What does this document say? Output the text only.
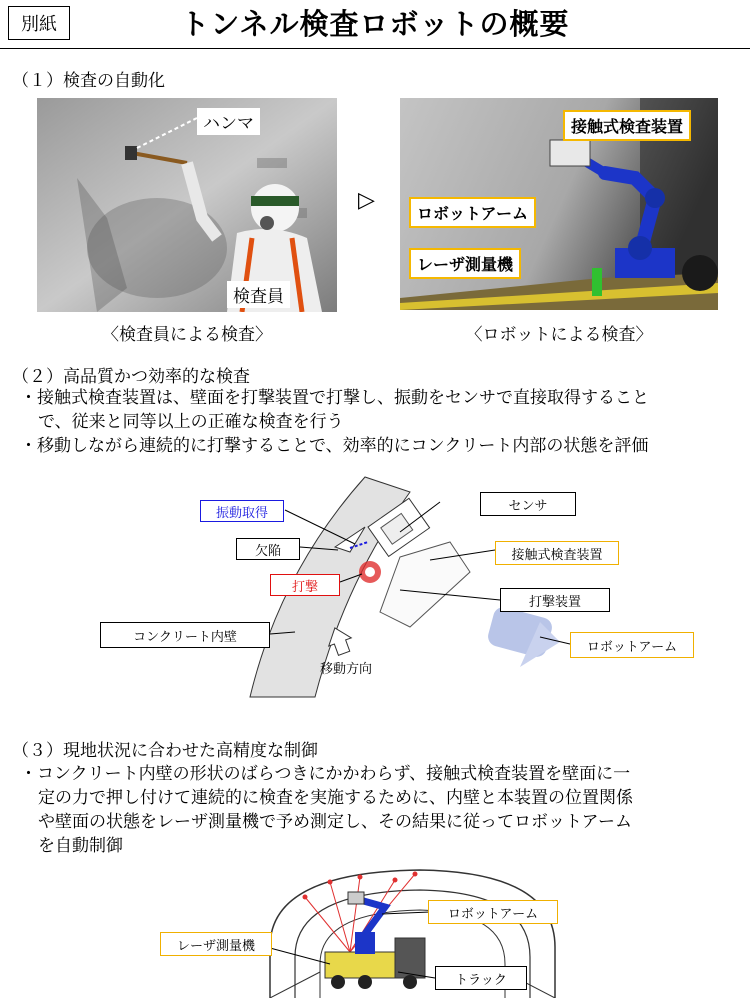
別紙	トンネル検査ロボットの概要
（１）検査の自動化
ハンマ
検査員
〈検査員による検査〉
▷
接触式検査装置
ロボットアーム
レーザ測量機
〈ロボットによる検査〉
（２）高品質かつ効率的な検査
・接触式検査装置は、壁面を打撃装置で打撃し、振動をセンサで直接取得すること
で、従来と同等以上の正確な検査を行う
・移動しながら連続的に打撃することで、効率的にコンクリート内部の状態を評価
振動取得	センサ
欠陥	接触式検査装置
打撃
打撃装置
コンクリート内壁
ロボットアーム
移動方向
（３）現地状況に合わせた高精度な制御
・コンクリート内壁の形状のばらつきにかかわらず、接触式検査装置を壁面に一
定の力で押し付けて連続的に検査を実施するために、内壁と本装置の位置関係
や壁面の状態をレーザ測量機で予め測定し、その結果に従ってロボットアーム
を自動制御
ロボットアーム
レーザ測量機
トラック
